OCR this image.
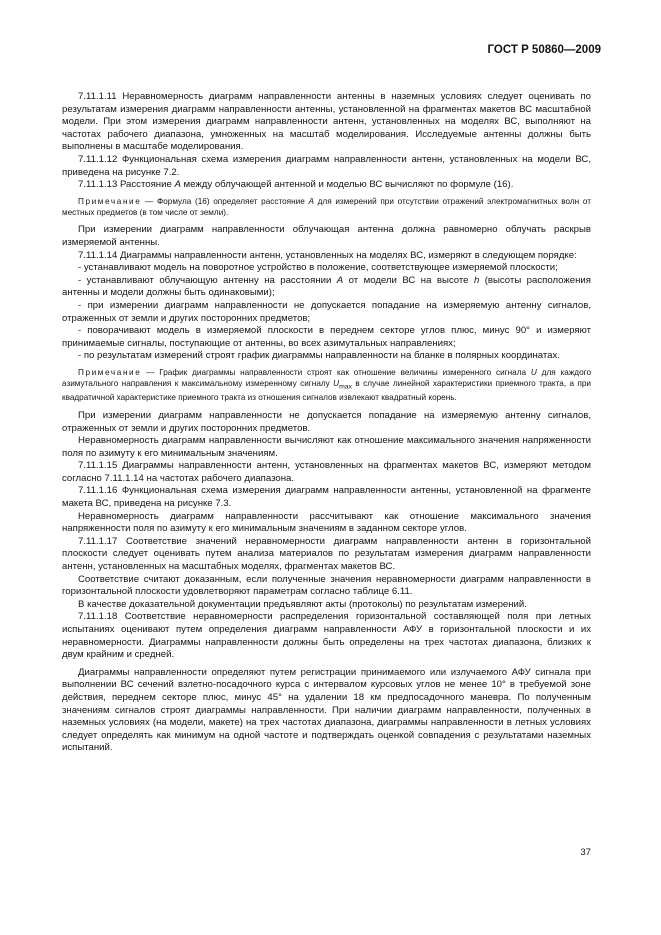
ГОСТ Р 50860—2009

7.11.1.11 Неравномерность диаграмм направленности антенны в наземных условиях следует оценивать по результатам измерения диаграмм направленности антенны, установленной на фрагментах макетов ВС масштабной модели. При этом измерения диаграмм направленности антенн, установленных на моделях ВС, выполняют на частотах рабочего диапазона, умноженных на масштаб моделирования. Исследуемые антенны должны быть выполнены в масштабе моделирования.

7.11.1.12 Функциональная схема измерения диаграмм направленности антенн, установленных на модели ВС, приведена на рисунке 7.2.

7.11.1.13 Расстояние A между облучающей антенной и моделью ВС вычисляют по формуле (16).

Примечание — Формула (16) определяет расстояние A для измерений при отсутствии отражений электромагнитных волн от местных предметов (в том числе от земли).

При измерении диаграмм направленности облучающая антенна должна равномерно облучать раскрыв измеряемой антенны.

7.11.1.14 Диаграммы направленности антенн, установленных на моделях ВС, измеряют в следующем порядке:

- устанавливают модель на поворотное устройство в положение, соответствующее измеряемой плоскости;

- устанавливают облучающую антенну на расстоянии A от модели ВС на высоте h (высоты расположения антенны и модели должны быть одинаковыми);

- при измерении диаграмм направленности не допускается попадание на измеряемую антенну сигналов, отраженных от земли и других посторонних предметов;

- поворачивают модель в измеряемой плоскости в переднем секторе углов плюс, минус 90° и измеряют принимаемые сигналы, поступающие от антенны, во всех азимутальных направлениях;

- по результатам измерений строят график диаграммы направленности на бланке в полярных координатах.

Примечание — График диаграммы направленности строят как отношение величины измеренного сигнала U для каждого азимутального направления к максимальному измеренному сигналу $U_{max}$ в случае линейной характеристики приемного тракта, а при квадратичной характеристике приемного тракта из отношения сигналов извлекают квадратный корень.

При измерении диаграмм направленности не допускается попадание на измеряемую антенну сигналов, отраженных от земли и других посторонних предметов.

Неравномерность диаграмм направленности вычисляют как отношение максимального значения напряженности поля по азимуту к его минимальным значениям.

7.11.1.15 Диаграммы направленности антенн, установленных на фрагментах макетов ВС, измеряют методом согласно 7.11.1.14 на частотах рабочего диапазона.

7.11.1.16 Функциональная схема измерения диаграмм направленности антенны, установленной на фрагменте макета ВС, приведена на рисунке 7.3.

Неравномерность диаграмм направленности рассчитывают как отношение максимального значения напряженности поля по азимуту к его минимальным значениям в заданном секторе углов.

7.11.1.17 Соответствие значений неравномерности диаграмм направленности антенн в горизонтальной плоскости следует оценивать путем анализа материалов по результатам измерения диаграмм направленности антенн, установленных на масштабных моделях, фрагментах макетов ВС.

Соответствие считают доказанным, если полученные значения неравномерности диаграмм направленности в горизонтальной плоскости удовлетворяют параметрам согласно таблице 6.11.

В качестве доказательной документации предъявляют акты (протоколы) по результатам измерений.

7.11.1.18 Соответствие неравномерности распределения горизонтальной составляющей поля при летных испытаниях оценивают путем определения диаграмм направленности АФУ в горизонтальной плоскости и их неравномерности. Диаграммы направленности должны быть определены на трех частотах диапазона, близких к двум крайним и средней.

Диаграммы направленности определяют путем регистрации принимаемого или излучаемого АФУ сигнала при выполнении ВС сечений взлетно-посадочного курса с интервалом курсовых углов не менее 10° в требуемой зоне действия, переднем секторе плюс, минус 45° на удалении 18 км предпосадочного маневра. По полученным значениям сигналов строят диаграммы направленности. При наличии диаграмм направленности, полученных в наземных условиях (на модели, макете) на трех частотах диапазона, диаграммы направленности в летных условиях следует определять как минимум на одной частоте и подтверждать оценкой совпадения с результатами наземных испытаний.

37
